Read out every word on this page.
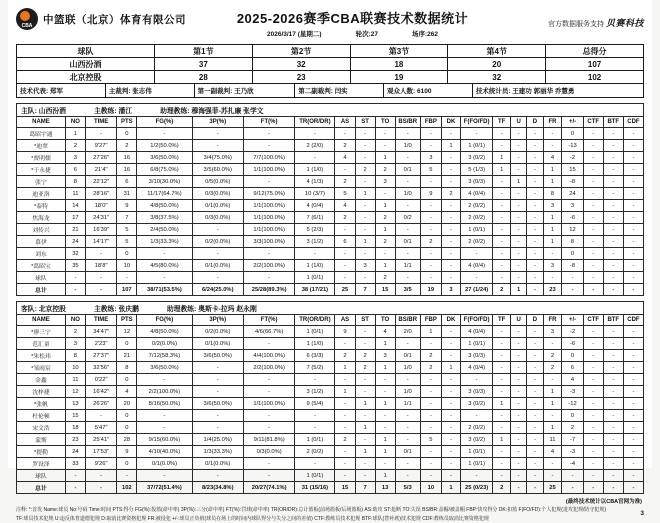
CBA
中篮联（北京）体育有限公司	2025-2026赛季CBA联赛技术数据统计
2026/3/17 (星期二)	轮次:27	场序:262
官方数据服务支持 贝赛科技
球队	第1节	第2节	第3节	第4节	总得分
山西汾酒	37	32	18	20	107
北京控股	28	23	19	32	102
技术代表: 郑军	主裁判: 张志伟	第一副裁判: 王乃欣	第二副裁判: 闫实	观众人数: 6100	技术统计员: 王建功 郭丽华 乔慧勇
主队: 山西汾酒 主教练: 潘江 助理教练: 穆海强菲-苏扎廉 张学文																						
NAME	NO	TIME	PTS	FG(%)	3P(%)	FT(%)	TR(OR/DR)	AS	ST	TO	BS/BR	FBP	DK	F(FO/FD)	TF	U	D	FR	+/-	CTF	BTF	CDF
葛昭宇通	1	-	0	-	-	-	-	-	-	-	-	-	-	-	-	-	-	-	0	-	-	-
*迪翠	2	9'27"	2	1/2(50.0%)	-	-	2 (2/0)	2	-	-	1/0	-	1	1 (0/1)	-	-	-	-	-13	-	-	-
*贾明儒	3	27'26"	16	3/6(50.0%)	3/4(75.0%)	7/7(100.0%)	-	4	-	1	-	3	-	3 (0/2)	1	-	-	4	-2	-	-	-
*于永捷	6	21'4"	16	6/8(75.0%)	3/5(60.0%)	1/1(100.0%)	1 (1/0)	-	2	2	0/1	5	-	5 (1/3)	1	-	-	1	15	-	-	-
张宁	8	22'12"	6	3/10(30.0%)	0/5(0.0%)	-	4 (1/3)	2	-	3	-	-	-	3 (0/3)	-	1	-	1	-8	-	-	-
迪亚洛	11	28'16"	31	11/17(64.7%)	0/3(0.0%)	9/12(75.0%)	10 (3/7)	5	1	-	1/0	9	2	4 (0/4)	-	-	-	8	24	-	-	-
*泰特	14	18'0"	9	4/8(50.0%)	0/1(0.0%)	1/1(100.0%)	4 (0/4)	4	-	1	-	-	-	2 (0/2)	-	-	-	3	3	-	-	-
焦海龙	17	24'31"	7	3/8(37.5%)	0/3(0.0%)	1/1(100.0%)	7 (6/1)	2	-	2	0/2	-	-	2 (0/2)	-	-	-	1	-6	-	-	-
刘传兴	21	16'39"	5	2/4(50.0%)	-	1/1(100.0%)	5 (2/3)	-	-	1	-	-	-	1 (0/1)	-	-	-	1	12	-	-	-
慕伊	24	14'17"	5	1/3(33.3%)	0/2(0.0%)	3/3(100.0%)	3 (1/2)	6	1	2	0/1	2	-	2 (0/2)	-	-	-	1	8	-	-	-
刘东	32	-	0	-	-	-	-	-	-	-	-	-	-	-	-	-	-	-	0	-	-	-
*葛昭宝	35	18'8"	10	4/5(80.0%)	0/1(0.0%)	2/2(100.0%)	1 (1/0)	-	3	1	1/1	-	-	4 (0/4)	-	-	-	3	-8	-	-	-
球队	-	-	-	-	-	-	1 (0/1)	-	-	2	-	-	-	-	-	-	-	-	-	-	-	-
总计	-	-	107	38/71(53.5%)	6/24(25.0%)	25/28(89.3%)	38 (17/21)	25	7	15	3/5	19	3	27 (1/24)	2	1	-	23	-	-	-	-
客队: 北京控股 主教练: 张庆鹏 助理教练: 奥斯卡-拉玛 赵永刚																						
NAME	NO	TIME	PTS	FG(%)	3P(%)	FT(%)	TR(OR/DR)	AS	ST	TO	BS/BR	FBP	DK	F(FO/FD)	TF	U	D	FR	+/-	CTF	BTF	CDF
*廖三宁	2	34'47"	12	4/8(50.0%)	0/2(0.0%)	4/6(66.7%)	1 (0/1)	9	-	4	2/0	1	-	4 (0/4)	-	-	-	3	-2	-	-	-
范汇童	3	2'23"	0	0/2(0.0%)	0/1(0.0%)	-	1 (1/0)	-	-	1	-	-	-	1 (0/1)	-	-	-	-	-6	-	-	-
*朱松玮	8	27'37"	21	7/12(58.3%)	3/6(50.0%)	4/4(100.0%)	6 (3/3)	2	2	3	0/1	2	-	3 (0/3)	-	-	-	2	0	-	-	-
*邹雨宸	10	32'56"	8	3/6(50.0%)	-	2/2(100.0%)	7 (5/2)	1	2	1	1/0	2	1	4 (0/4)	-	-	-	2	6	-	-	-
金鑫	11	0'22"	0	-	-	-	-	-	-	-	-	-	-	-	-	-	-	-	4	-	-	-
沈梓捷	12	16'42"	4	2/2(100.0%)	-	-	3 (1/2)	1	-	-	1/0	-	-	3 (0/3)	-	-	-	1	-3	-	-	-
*张帆	13	26'26"	20	8/16(50.0%)	3/6(50.0%)	1/1(100.0%)	9 (5/4)	-	1	1	1/1	-	-	3 (0/2)	1	-	-	1	-12	-	-	-
杜伦顿	15	-	0	-	-	-	-	-	-	-	-	-	-	-	-	-	-	-	0	-	-	-
宋文浩	18	5'47"	0	-	-	-	-	-	1	-	-	-	-	2 (0/2)	-	-	-	1	2	-	-	-
蒙斯	23	25'41"	28	9/15(60.0%)	1/4(25.0%)	9/11(81.8%)	1 (0/1)	2	-	1	-	5	-	3 (0/2)	1	-	-	11	-7	-	-	-
*提勒	24	17'53"	9	4/10(40.0%)	1/3(33.3%)	0/3(0.0%)	2 (0/2)	-	1	1	0/1	-	-	1 (0/1)	-	-	-	4	-3	-	-	-
罗设泽	33	9'26"	0	0/1(0.0%)	0/1(0.0%)	-	-	-	-	-	-	-	-	1 (0/1)	-	-	-	-	-4	-	-	-
球队	-	-	-	-	-	-	1 (0/1)	-	-	1	-	-	-	-	-	-	-	-	-	-	-	-
总计	-	-	102	37/72(51.4%)	8/23(34.8%)	20/27(74.1%)	31 (15/16)	15	7	13	5/3	10	1	25 (0/23)	2	-	-	25	-	-	-	-
(最终技术统计以CBA官网为准)
注释: *:首发 Name:球员 No:号码 Time:时间 PTS:得分 FG(%):投篮(命中率) 3P(%):三分(命中率) FT(%):罚球(命中率) TR(OR/DR):总计篮板(前场篮板/后场篮板) AS:助攻 ST:抢断 TO:失误 BS/BR:盖帽/被盖帽 FBP:快攻得分 DK:扣篮 F(FO/FD):个人犯规(进攻犯规/防守犯规)
TF:球员技术犯规 U:违反体育道德犯规 D:取消比赛资格犯规 FR:被侵犯 +/-:球员正负值(球员在场上的时间内球队得分与失分之间的差值) CTF:教练员技术犯规 BTF:球队(替补席)技术犯规 CDF:教练员取消比赛资格犯规
3
